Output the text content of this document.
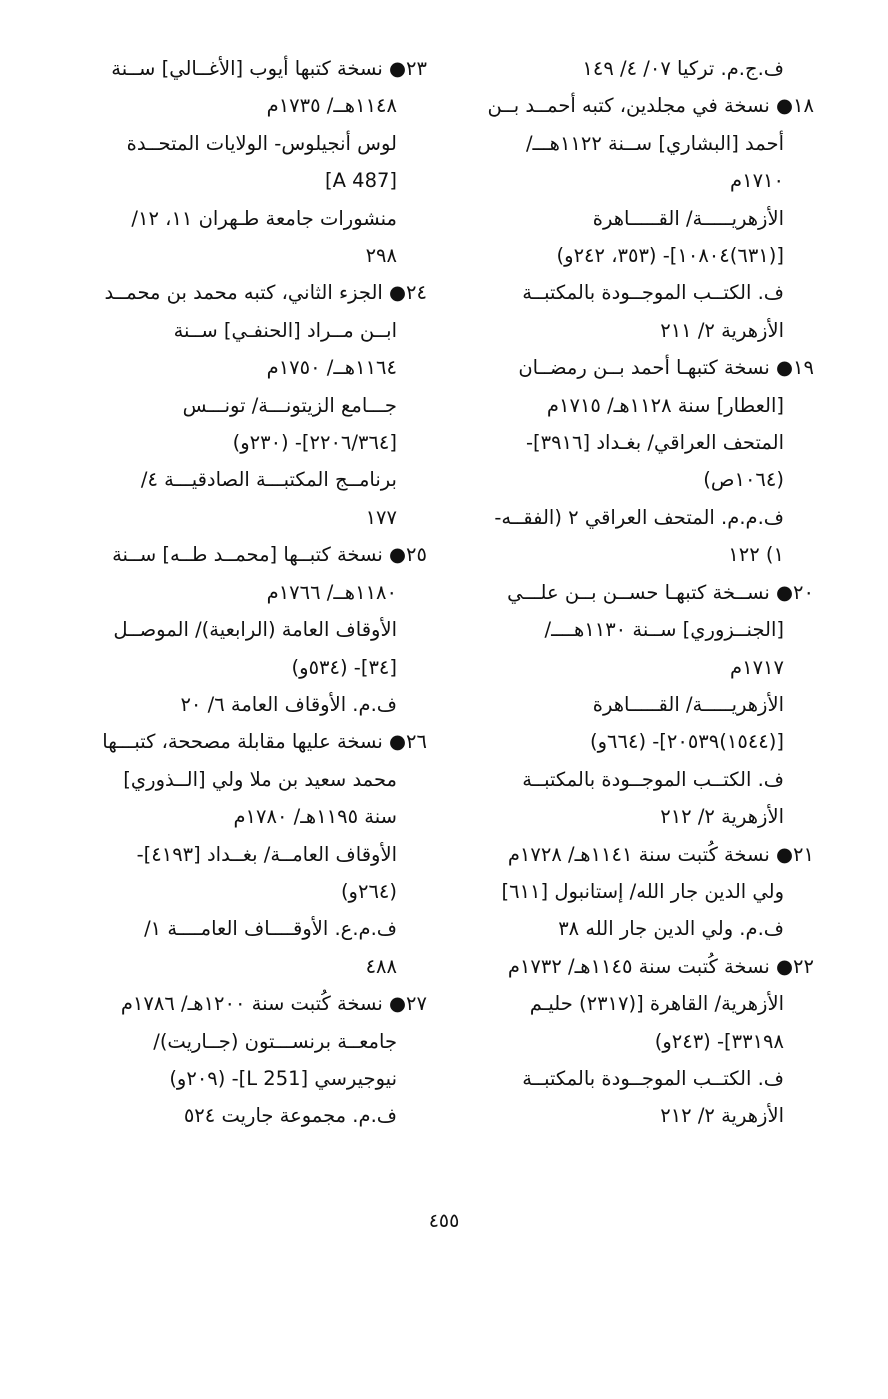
ف.ج.م. تركيا ٠٧/ ٤/ ١٤٩
١٨● نسخة في مجلدين، كتبه أحمــد بــن
أحمد [البشاري] ســنة ١١٢٢هـــ/
١٧١٠م
الأزهريـــــة/ القـــــاهرة
[(٦٣١)١٠٨٠٤]- (٣٥٣، ٢٤٢و)
ف. الكتــب الموجــودة بالمكتبــة
الأزهرية ٢/ ٢١١
١٩● نسخة كتبهـا أحمد بــن رمضــان
[العطار] سنة ١١٢٨هـ/ ١٧١٥م
المتحف العراقي/ بغـداد [٣٩١٦]-
(١٠٦٤ص)
ف.م.م. المتحف العراقي ٢ (الفقــه-
١) ١٢٢
٢٠● نســخة كتبهـا حســن بــن علـــي
[الجنــزوري] ســنة ١١٣٠هــــ/
١٧١٧م
الأزهريـــــة/ القـــــاهرة
[(١٥٤٤)٢٠٥٣٩]- (٦٦٤و)
ف. الكتــب الموجــودة بالمكتبــة
الأزهرية ٢/ ٢١٢
٢١● نسخة كُتبت سنة ١١٤١هـ/ ١٧٢٨م
ولي الدين جار الله/ إستانبول [٦١١]
ف.م. ولي الدين جار الله ٣٨
٢٢● نسخة كُتبت سنة ١١٤٥هـ/ ١٧٣٢م
الأزهرية/ القاهرة [(٢٣١٧) حليـم
٣٣١٩٨]- (٢٤٣و)
ف. الكتــب الموجــودة بالمكتبــة
الأزهرية ٢/ ٢١٢
٢٣● نسخة كتبها أيوب [الأغــالي] ســنة
١١٤٨هــ/ ١٧٣٥م
لوس أنجيلوس- الولايات المتحــدة
[A 487]
منشورات جامعة طـهران ١١، ١٢/
٢٩٨
٢٤● الجزء الثاني، كتبه محمد بن محمــد
ابــن مــراد [الحنفـي] ســنة
١١٦٤هــ/ ١٧٥٠م
جـــامع الزيتونـــة/ تونـــس
[٢٢٠٦/٣٦٤]- (٢٣٠و)
برنامــج المكتبـــة الصادقيـــة ٤/
١٧٧
٢٥● نسخة كتبــها [محمــد طــه] ســنة
١١٨٠هــ/ ١٧٦٦م
الأوقاف العامة (الرابعية)/ الموصــل
[٣٤]- (٥٣٤و)
ف.م. الأوقاف العامة ٦/ ٢٠
٢٦● نسخة عليها مقابلة مصححة، كتبـــها
محمد سعيد بن ملا ولي [الــذوري]
سنة ١١٩٥هـ/ ١٧٨٠م
الأوقاف العامــة/ بغــداد [٤١٩٣]-
(٢٦٤و)
ف.م.ع. الأوقــــاف العامــــة ١/
٤٨٨
٢٧● نسخة كُتبت سنة ١٢٠٠هـ/ ١٧٨٦م
جامعــة برنســـتون (جــاريت)/
نيوجيرسي [L 251]- (٢٠٩و)
ف.م. مجموعة جاريت ٥٢٤
٤٥٥
